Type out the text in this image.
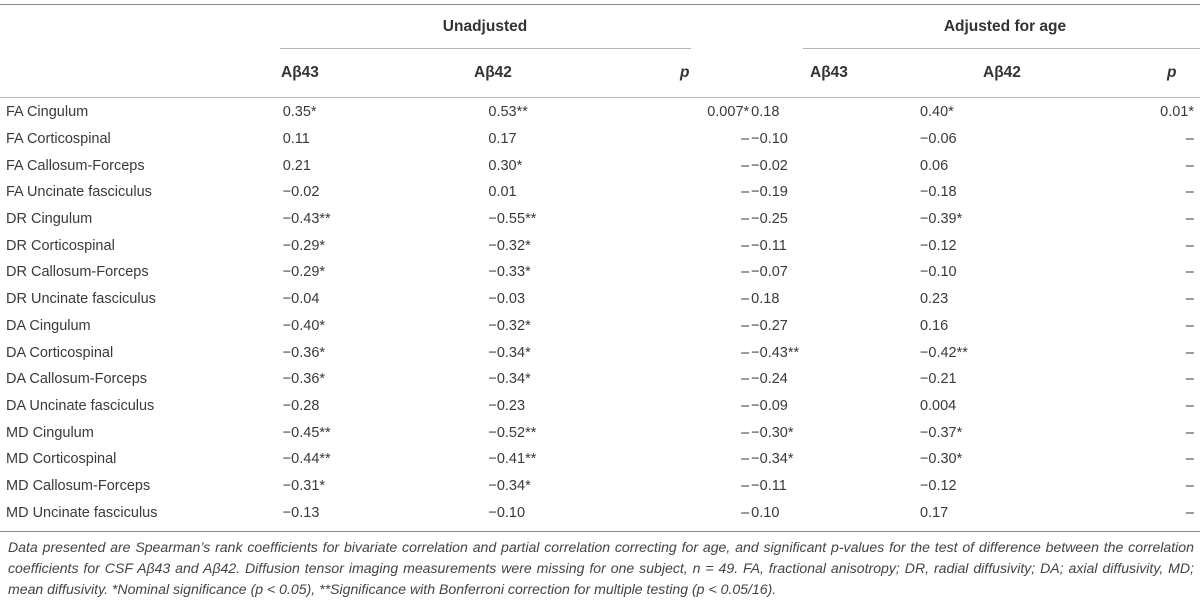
Unadjusted	Adjusted for age
Aβ43	Aβ42	p	Aβ43	Aβ42	p
FA Cingulum	0.35*	0.53**	0.007*	0.18	0.40*	0.01*
FA Corticospinal	0.11	0.17	–	−0.10	−0.06	–
FA Callosum-Forceps	0.21	0.30*	–	−0.02	0.06	–
FA Uncinate fasciculus	−0.02	0.01	–	−0.19	−0.18	–
DR Cingulum	−0.43**	−0.55**	–	−0.25	−0.39*	–
DR Corticospinal	−0.29*	−0.32*	–	−0.11	−0.12	–
DR Callosum-Forceps	−0.29*	−0.33*	–	−0.07	−0.10	–
DR Uncinate fasciculus	−0.04	−0.03	–	0.18	0.23	–
DA Cingulum	−0.40*	−0.32*	–	−0.27	0.16	–
DA Corticospinal	−0.36*	−0.34*	–	−0.43**	−0.42**	–
DA Callosum-Forceps	−0.36*	−0.34*	–	−0.24	−0.21	–
DA Uncinate fasciculus	−0.28	−0.23	–	−0.09	0.004	–
MD Cingulum	−0.45**	−0.52**	–	−0.30*	−0.37*	–
MD Corticospinal	−0.44**	−0.41**	–	−0.34*	−0.30*	–
MD Callosum-Forceps	−0.31*	−0.34*	–	−0.11	−0.12	–
MD Uncinate fasciculus	−0.13	−0.10	–	0.10	0.17	–
Data presented are Spearman’s rank coefficients for bivariate correlation and partial correlation correcting for age, and significant p-values for the test of difference between the correlation coefficients for CSF Aβ43 and Aβ42. Diffusion tensor imaging measurements were missing for one subject, n = 49. FA, fractional anisotropy; DR, radial diffusivity; DA; axial diffusivity, MD; mean diffusivity. *Nominal significance (p < 0.05), **Significance with Bonferroni correction for multiple testing (p < 0.05/16).
